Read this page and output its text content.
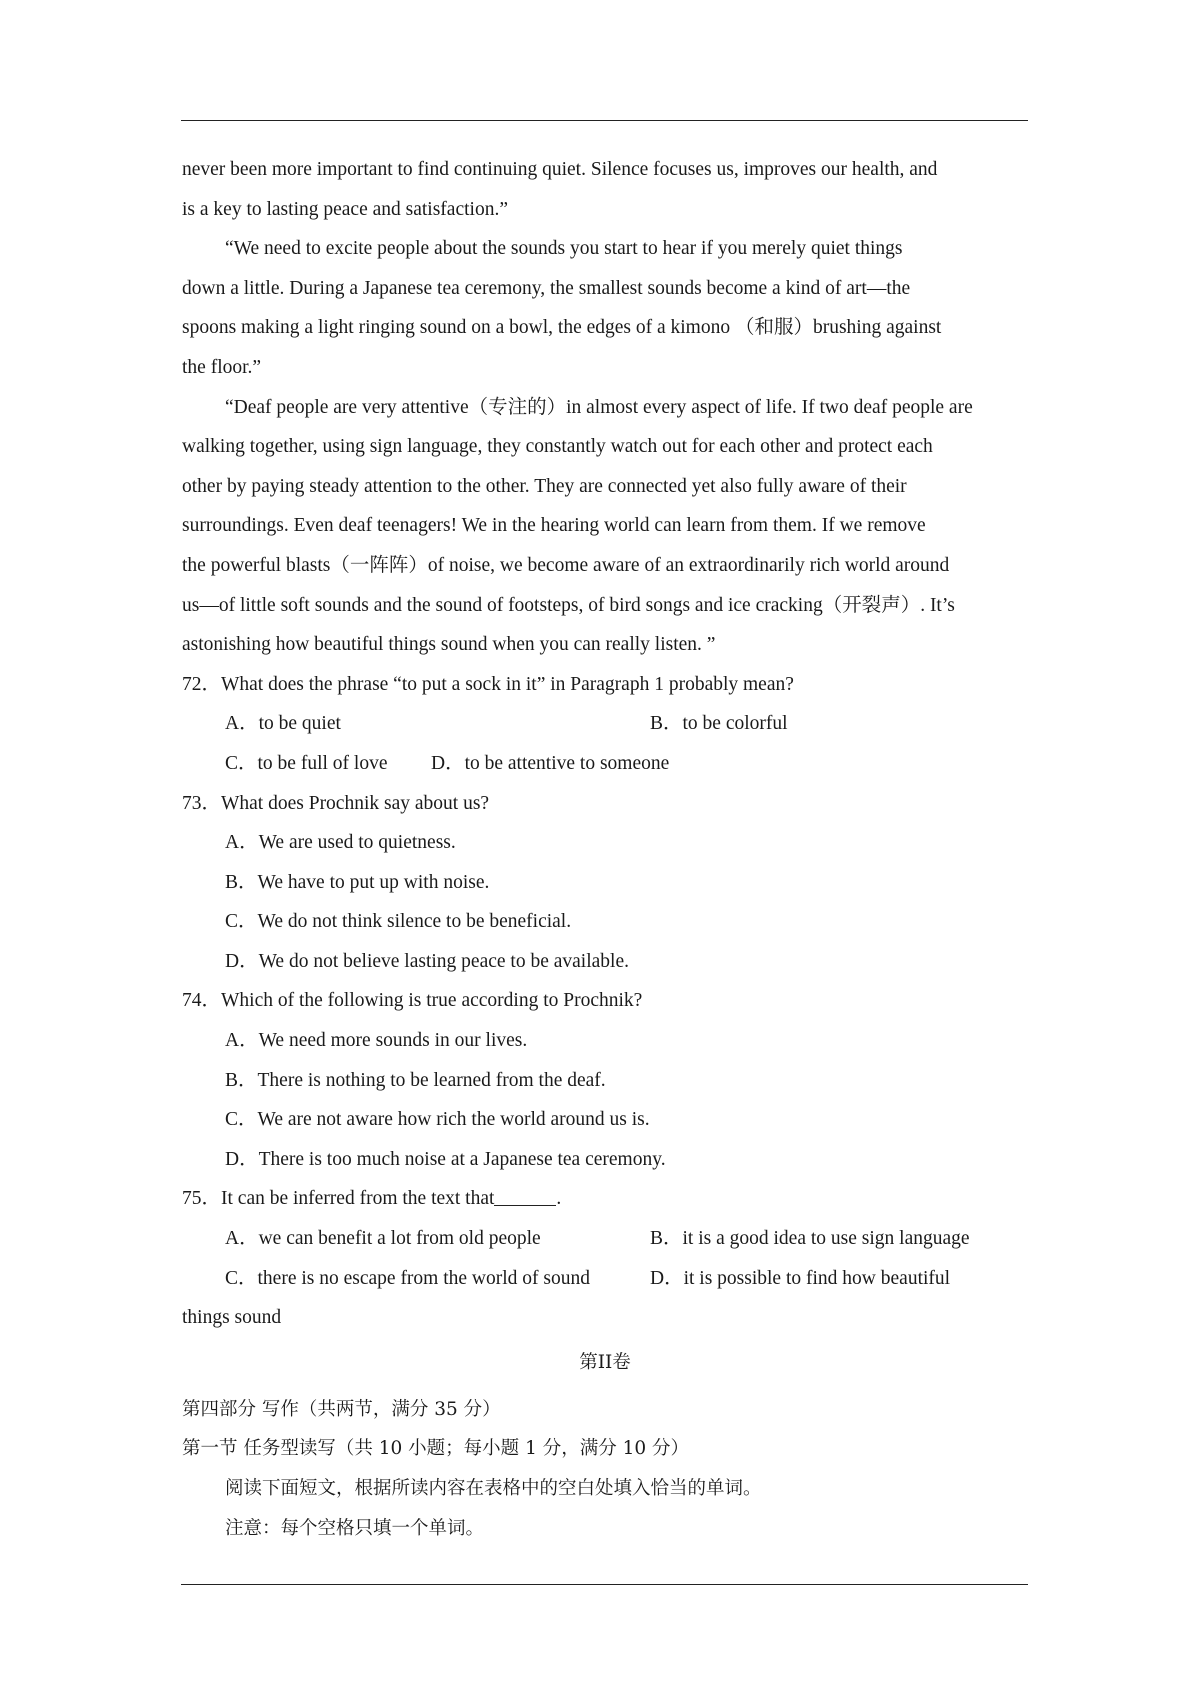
never been more important to find continuing quiet. Silence focuses us, improves our health, and
is a key to lasting peace and satisfaction.”
“We need to excite people about the sounds you start to hear if you merely quiet things
down a little. During a Japanese tea ceremony, the smallest sounds become a kind of art—the
spoons making a light ringing sound on a bowl, the edges of a kimono （和服）brushing against
the floor.”
“Deaf people are very attentive（专注的）in almost every aspect of life. If two deaf people are
walking together, using sign language, they constantly watch out for each other and protect each
other by paying steady attention to the other. They are connected yet also fully aware of their
surroundings. Even deaf teenagers! We in the hearing world can learn from them. If we remove
the powerful blasts（一阵阵）of noise, we become aware of an extraordinarily rich world around
us—of little soft sounds and the sound of footsteps, of bird songs and ice cracking（开裂声）. It’s
astonishing how beautiful things sound when you can really listen. ”
72．What does the phrase “to put a sock in it” in Paragraph 1 probably mean?
A．to be quiet	B．to be colorful
C．to be full of love	D．to be attentive to someone
73．What does Prochnik say about us?
A．We are used to quietness.
B．We have to put up with noise.
C．We do not think silence to be beneficial.
D．We do not believe lasting peace to be available.
74．Which of the following is true according to Prochnik?
A．We need more sounds in our lives.
B．There is nothing to be learned from the deaf.
C．We are not aware how rich the world around us is.
D．There is too much noise at a Japanese tea ceremony.
75．It can be inferred from the text that	.
A．we can benefit a lot from old people	B．it is a good idea to use sign language
C．there is no escape from the world of sound	D．it is possible to find how beautiful
things sound
第II卷
第四部分 写作（共两节，满分 35 分）
第一节 任务型读写（共 10 小题；每小题 1 分，满分 10 分）
阅读下面短文，根据所读内容在表格中的空白处填入恰当的单词。
注意：每个空格只填一个单词。
